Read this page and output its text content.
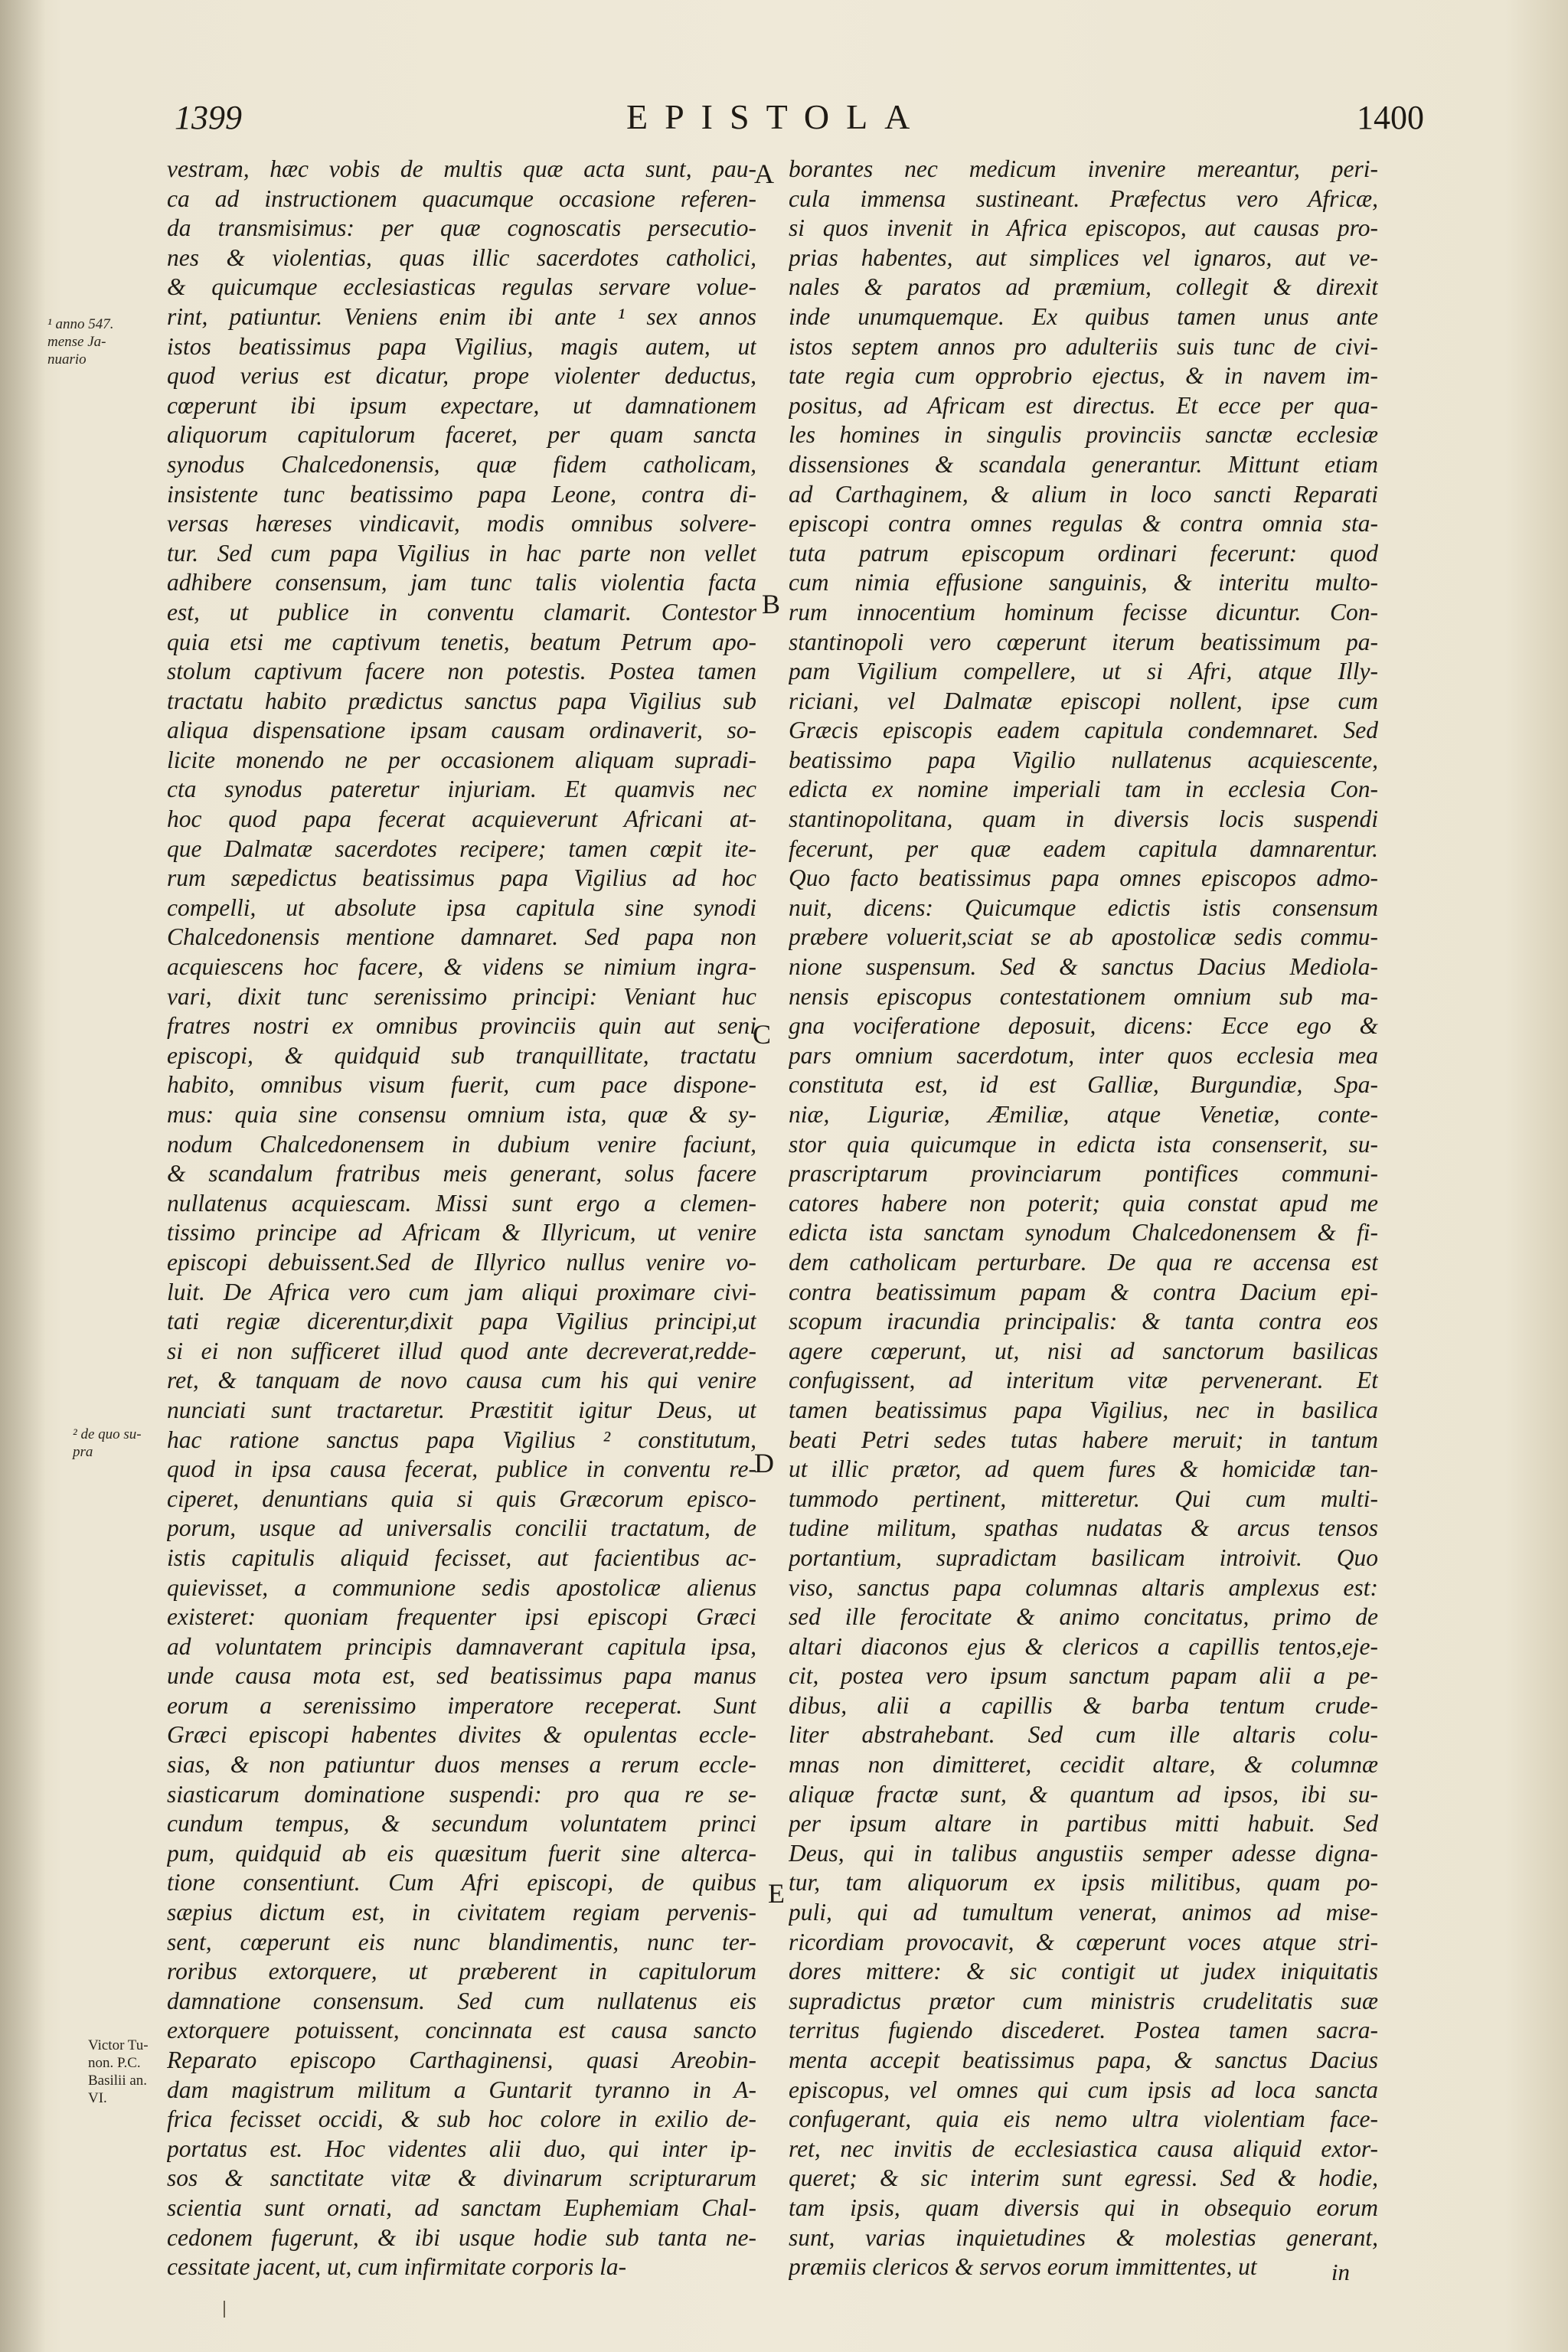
1399	EPISTOLA	1400
¹ anno 547.
mense Ja-
nuario
² de quo su-
pra
Victor Tu-
non. P.C.
Basilii an.
VI.
A
B
C
D
E
vestram, hæc vobis de multis quæ acta sunt, pau-
ca ad instructionem quacumque occasione referen-
da transmisimus: per quæ cognoscatis persecutio-
nes & violentias, quas illic sacerdotes catholici,
& quicumque ecclesiasticas regulas servare volue-
rint, patiuntur. Veniens enim ibi ante ¹ sex annos
istos beatissimus papa Vigilius, magis autem, ut
quod verius est dicatur, prope violenter deductus,
cœperunt ibi ipsum expectare, ut damnationem
aliquorum capitulorum faceret, per quam sancta
synodus Chalcedonensis, quæ fidem catholicam,
insistente tunc beatissimo papa Leone, contra di-
versas hæreses vindicavit, modis omnibus solvere-
tur. Sed cum papa Vigilius in hac parte non vellet
adhibere consensum, jam tunc talis violentia facta
est, ut publice in conventu clamarit. Contestor
quia etsi me captivum tenetis, beatum Petrum apo-
stolum captivum facere non potestis. Postea tamen
tractatu habito prædictus sanctus papa Vigilius sub
aliqua dispensatione ipsam causam ordinaverit, so-
licite monendo ne per occasionem aliquam supradi-
cta synodus pateretur injuriam. Et quamvis nec
hoc quod papa fecerat acquieverunt Africani at-
que Dalmatæ sacerdotes recipere; tamen cœpit ite-
rum sæpedictus beatissimus papa Vigilius ad hoc
compelli, ut absolute ipsa capitula sine synodi
Chalcedonensis mentione damnaret. Sed papa non
acquiescens hoc facere, & videns se nimium ingra-
vari, dixit tunc serenissimo principi: Veniant huc
fratres nostri ex omnibus provinciis quin aut seni
episcopi, & quidquid sub tranquillitate, tractatu
habito, omnibus visum fuerit, cum pace dispone-
mus: quia sine consensu omnium ista, quæ & sy-
nodum Chalcedonensem in dubium venire faciunt,
& scandalum fratribus meis generant, solus facere
nullatenus acquiescam. Missi sunt ergo a clemen-
tissimo principe ad Africam & Illyricum, ut venire
episcopi debuissent.Sed de Illyrico nullus venire vo-
luit. De Africa vero cum jam aliqui proximare civi-
tati regiæ dicerentur,dixit papa Vigilius principi,ut
si ei non sufficeret illud quod ante decreverat,redde-
ret, & tanquam de novo causa cum his qui venire
nunciati sunt tractaretur. Præstitit igitur Deus, ut
hac ratione sanctus papa Vigilius ² constitutum,
quod in ipsa causa fecerat, publice in conventu re-
ciperet, denuntians quia si quis Græcorum episco-
porum, usque ad universalis concilii tractatum, de
istis capitulis aliquid fecisset, aut facientibus ac-
quievisset, a communione sedis apostolicæ alienus
existeret: quoniam frequenter ipsi episcopi Græci
ad voluntatem principis damnaverant capitula ipsa,
unde causa mota est, sed beatissimus papa manus
eorum a serenissimo imperatore receperat. Sunt
Græci episcopi habentes divites & opulentas eccle-
sias, & non patiuntur duos menses a rerum eccle-
siasticarum dominatione suspendi: pro qua re se-
cundum tempus, & secundum voluntatem princi
pum, quidquid ab eis quæsitum fuerit sine alterca-
tione consentiunt. Cum Afri episcopi, de quibus
sæpius dictum est, in civitatem regiam pervenis-
sent, cœperunt eis nunc blandimentis, nunc ter-
roribus extorquere, ut præberent in capitulorum
damnatione consensum. Sed cum nullatenus eis
extorquere potuissent, concinnata est causa sancto
Reparato episcopo Carthaginensi, quasi Areobin-
dam magistrum militum a Guntarit tyranno in A-
frica fecisset occidi, & sub hoc colore in exilio de-
portatus est. Hoc videntes alii duo, qui inter ip-
sos & sanctitate vitæ & divinarum scripturarum
scientia sunt ornati, ad sanctam Euphemiam Chal-
cedonem fugerunt, & ibi usque hodie sub tanta ne-
cessitate jacent, ut, cum infirmitate corporis la-
borantes nec medicum invenire mereantur, peri-
cula immensa sustineant. Præfectus vero Africæ,
si quos invenit in Africa episcopos, aut causas pro-
prias habentes, aut simplices vel ignaros, aut ve-
nales & paratos ad præmium, collegit & direxit
inde unumquemque. Ex quibus tamen unus ante
istos septem annos pro adulteriis suis tunc de civi-
tate regia cum opprobrio ejectus, & in navem im-
positus, ad Africam est directus. Et ecce per qua-
les homines in singulis provinciis sanctæ ecclesiæ
dissensiones & scandala generantur. Mittunt etiam
ad Carthaginem, & alium in loco sancti Reparati
episcopi contra omnes regulas & contra omnia sta-
tuta patrum episcopum ordinari fecerunt: quod
cum nimia effusione sanguinis, & interitu multo-
rum innocentium hominum fecisse dicuntur. Con-
stantinopoli vero cœperunt iterum beatissimum pa-
pam Vigilium compellere, ut si Afri, atque Illy-
riciani, vel Dalmatæ episcopi nollent, ipse cum
Græcis episcopis eadem capitula condemnaret. Sed
beatissimo papa Vigilio nullatenus acquiescente,
edicta ex nomine imperiali tam in ecclesia Con-
stantinopolitana, quam in diversis locis suspendi
fecerunt, per quæ eadem capitula damnarentur.
Quo facto beatissimus papa omnes episcopos admo-
nuit, dicens: Quicumque edictis istis consensum
præbere voluerit,sciat se ab apostolicæ sedis commu-
nione suspensum. Sed & sanctus Dacius Mediola-
nensis episcopus contestationem omnium sub ma-
gna vociferatione deposuit, dicens: Ecce ego &
pars omnium sacerdotum, inter quos ecclesia mea
constituta est, id est Galliæ, Burgundiæ, Spa-
niæ, Liguriæ, Æmiliæ, atque Venetiæ, conte-
stor quia quicumque in edicta ista consenserit, su-
prascriptarum provinciarum pontifices communi-
catores habere non poterit; quia constat apud me
edicta ista sanctam synodum Chalcedonensem & fi-
dem catholicam perturbare. De qua re accensa est
contra beatissimum papam & contra Dacium epi-
scopum iracundia principalis: & tanta contra eos
agere cœperunt, ut, nisi ad sanctorum basilicas
confugissent, ad interitum vitæ pervenerant. Et
tamen beatissimus papa Vigilius, nec in basilica
beati Petri sedes tutas habere meruit; in tantum
ut illic prætor, ad quem fures & homicidæ tan-
tummodo pertinent, mitteretur. Qui cum multi-
tudine militum, spathas nudatas & arcus tensos
portantium, supradictam basilicam introivit. Quo
viso, sanctus papa columnas altaris amplexus est:
sed ille ferocitate & animo concitatus, primo de
altari diaconos ejus & clericos a capillis tentos,eje-
cit, postea vero ipsum sanctum papam alii a pe-
dibus, alii a capillis & barba tentum crude-
liter abstrahebant. Sed cum ille altaris colu-
mnas non dimitteret, cecidit altare, & columnæ
aliquæ fractæ sunt, & quantum ad ipsos, ibi su-
per ipsum altare in partibus mitti habuit. Sed
Deus, qui in talibus angustiis semper adesse digna-
tur, tam aliquorum ex ipsis militibus, quam po-
puli, qui ad tumultum venerat, animos ad mise-
ricordiam provocavit, & cœperunt voces atque stri-
dores mittere: & sic contigit ut judex iniquitatis
supradictus prætor cum ministris crudelitatis suæ
territus fugiendo discederet. Postea tamen sacra-
menta accepit beatissimus papa, & sanctus Dacius
episcopus, vel omnes qui cum ipsis ad loca sancta
confugerant, quia eis nemo ultra violentiam face-
ret, nec invitis de ecclesiastica causa aliquid extor-
queret; & sic interim sunt egressi. Sed & hodie,
tam ipsis, quam diversis qui in obsequio eorum
sunt, varias inquietudines & molestias generant,
præmiis clericos & servos eorum immittentes, ut	in
